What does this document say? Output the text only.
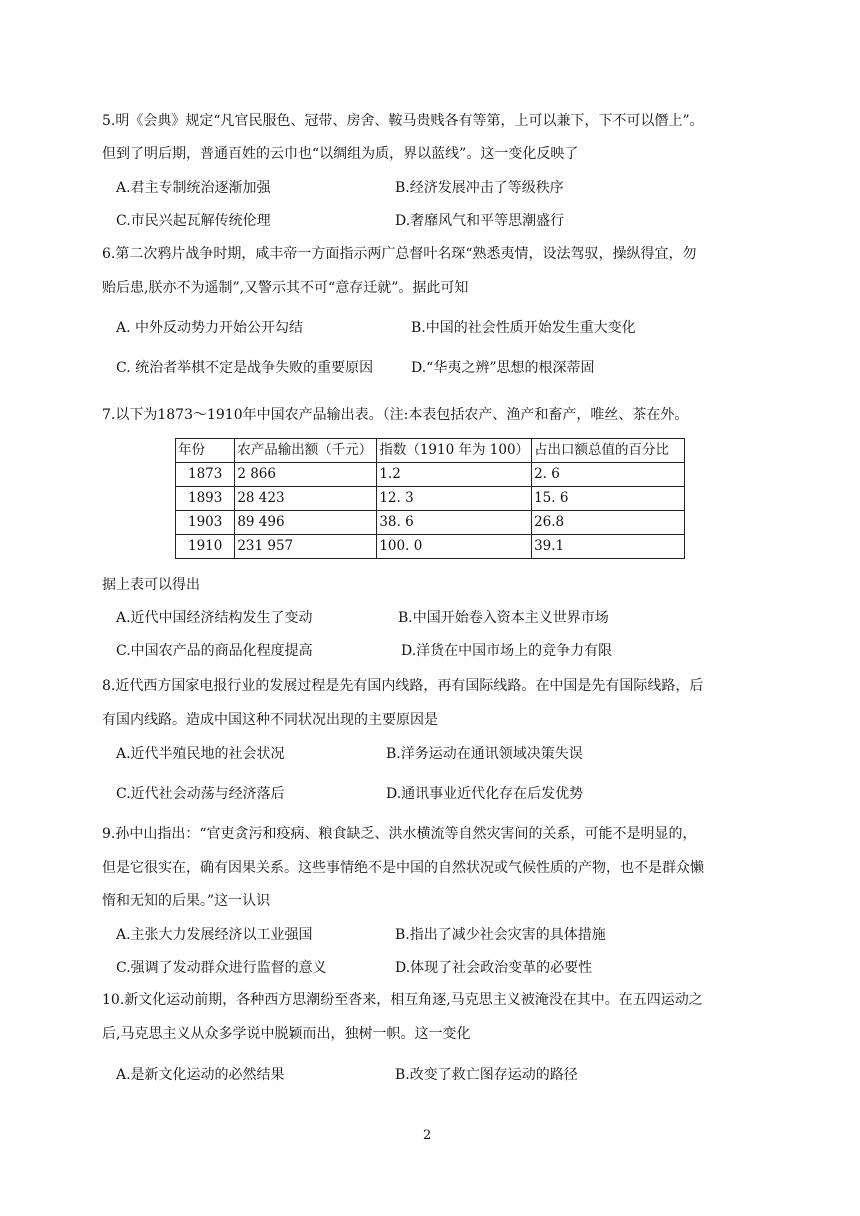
5.明《会典》规定“凡官民服色、冠带、房舍、鞍马贵贱各有等第，上可以兼下，下不可以僭上”。
但到了明后期，普通百姓的云巾也“以绸组为质，界以蓝线”。这一变化反映了
A.君主专制统治逐渐加强	B.经济发展冲击了等级秩序
C.市民兴起瓦解传统伦理	D.奢靡风气和平等思潮盛行
6.第二次鸦片战争时期，咸丰帝一方面指示两广总督叶名琛“熟悉夷情，设法驾驭，操纵得宜，勿
贻后患,朕亦不为遥制”,又警示其不可“意存迁就”。据此可知
A. 中外反动势力开始公开勾结	B.中国的社会性质开始发生重大变化
C. 统治者举棋不定是战争失败的重要原因	D.“华夷之辨”思想的根深蒂固
7.以下为1873～1910年中国农产品输出表。（注:本表包括农产、渔产和畜产，唯丝、茶在外。
年份	农产品输出额（千元）	指数（1910 年为 100）	占出口额总值的百分比
1873	2 866	1.2	2. 6
1893	28 423	12. 3	15. 6
1903	89 496	38. 6	26.8
1910	231 957	100. 0	39.1
据上表可以得出
A.近代中国经济结构发生了变动	B.中国开始卷入资本主义世界市场
C.中国农产品的商品化程度提高	D.洋货在中国市场上的竞争力有限
8.近代西方国家电报行业的发展过程是先有国内线路，再有国际线路。在中国是先有国际线路，后
有国内线路。造成中国这种不同状况出现的主要原因是
A.近代半殖民地的社会状况	B.洋务运动在通讯领域决策失误
C.近代社会动荡与经济落后	D.通讯事业近代化存在后发优势
9.孙中山指出：“官吏贪污和疫病、粮食缺乏、洪水横流等自然灾害间的关系，可能不是明显的，
但是它很实在，确有因果关系。这些事情绝不是中国的自然状况或气候性质的产物，也不是群众懒
惰和无知的后果。”这一认识
A.主张大力发展经济以工业强国	B.指出了减少社会灾害的具体措施
C.强调了发动群众进行监督的意义	D.体现了社会政治变革的必要性
10.新文化运动前期，各种西方思潮纷至沓来，相互角逐,马克思主义被淹没在其中。在五四运动之
后,马克思主义从众多学说中脱颖而出，独树一帜。这一变化
A.是新文化运动的必然结果	B.改变了救亡图存运动的路径
2
